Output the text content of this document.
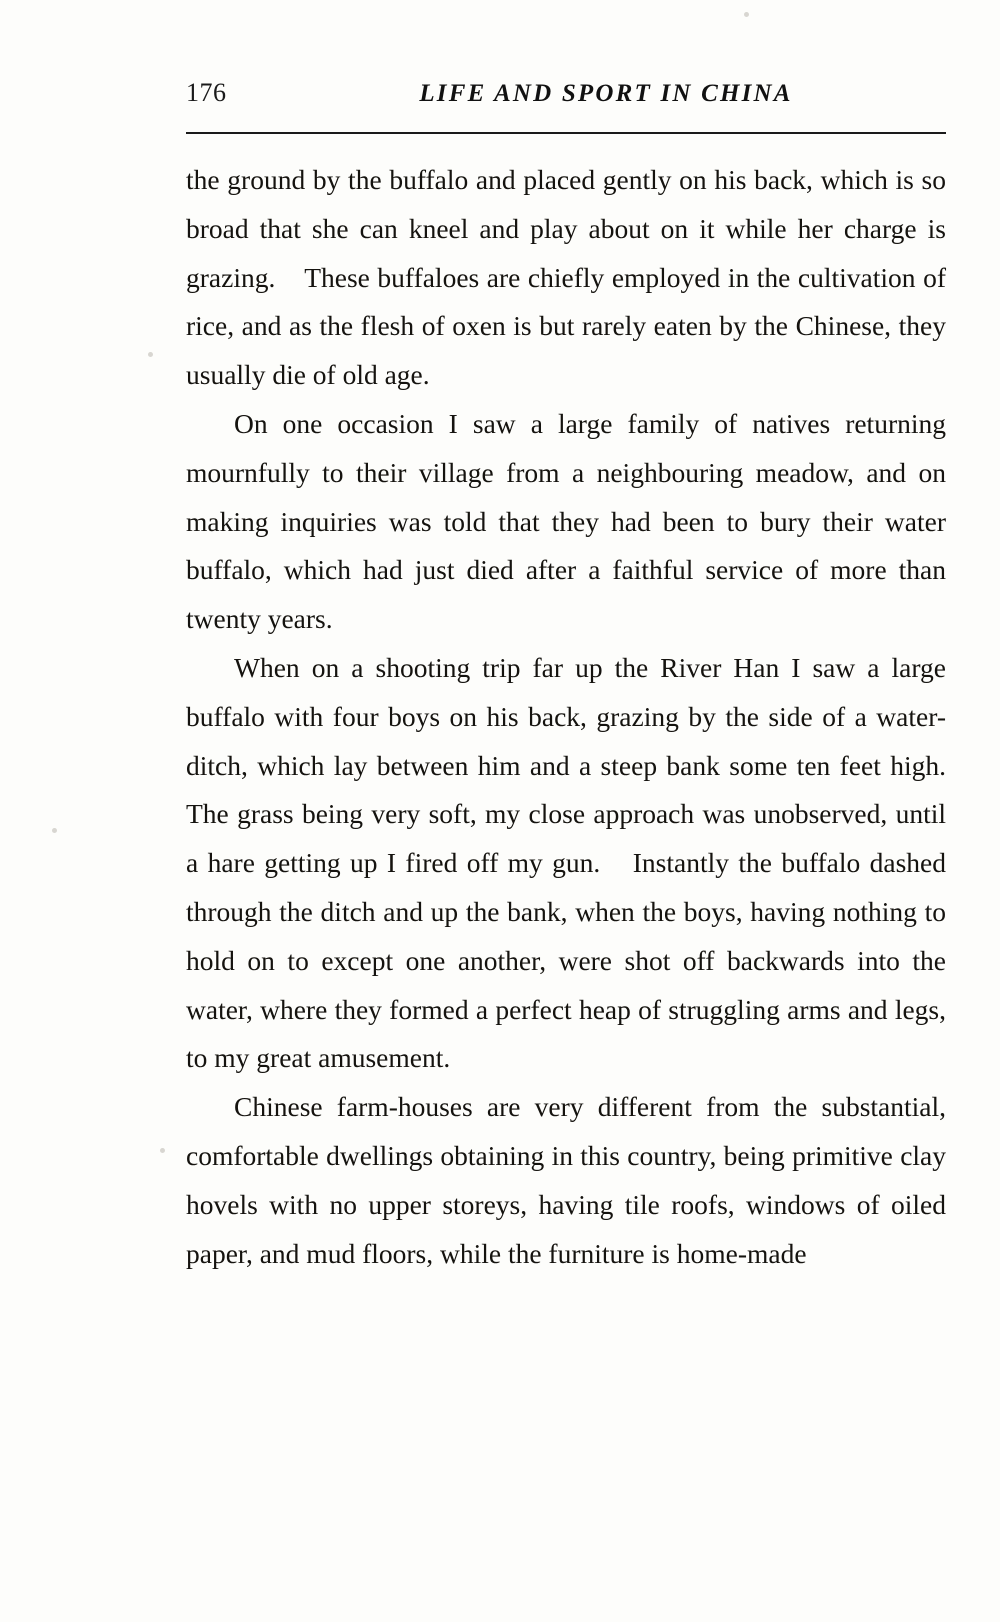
176	LIFE AND SPORT IN CHINA

the ground by the buffalo and placed gently on his back, which is so broad that she can kneel and play about on it while her charge is grazing.　These buffaloes are chiefly employed in the cultivation of rice, and as the flesh of oxen is but rarely eaten by the Chinese, they usually die of old age.

On one occasion I saw a large family of natives returning mournfully to their village from a neighbouring meadow, and on making inquiries was told that they had been to bury their water buffalo, which had just died after a faithful service of more than twenty years.

When on a shooting trip far up the River Han I saw a large buffalo with four boys on his back, grazing by the side of a water-ditch, which lay between him and a steep bank some ten feet high.　The grass being very soft, my close approach was unobserved, until a hare getting up I fired off my gun.　Instantly the buffalo dashed through the ditch and up the bank, when the boys, having nothing to hold on to except one another, were shot off backwards into the water, where they formed a perfect heap of struggling arms and legs, to my great amusement.

Chinese farm-houses are very different from the substantial, comfortable dwellings obtaining in this country, being primitive clay hovels with no upper storeys, having tile roofs, windows of oiled paper, and mud floors, while the furniture is home-made
